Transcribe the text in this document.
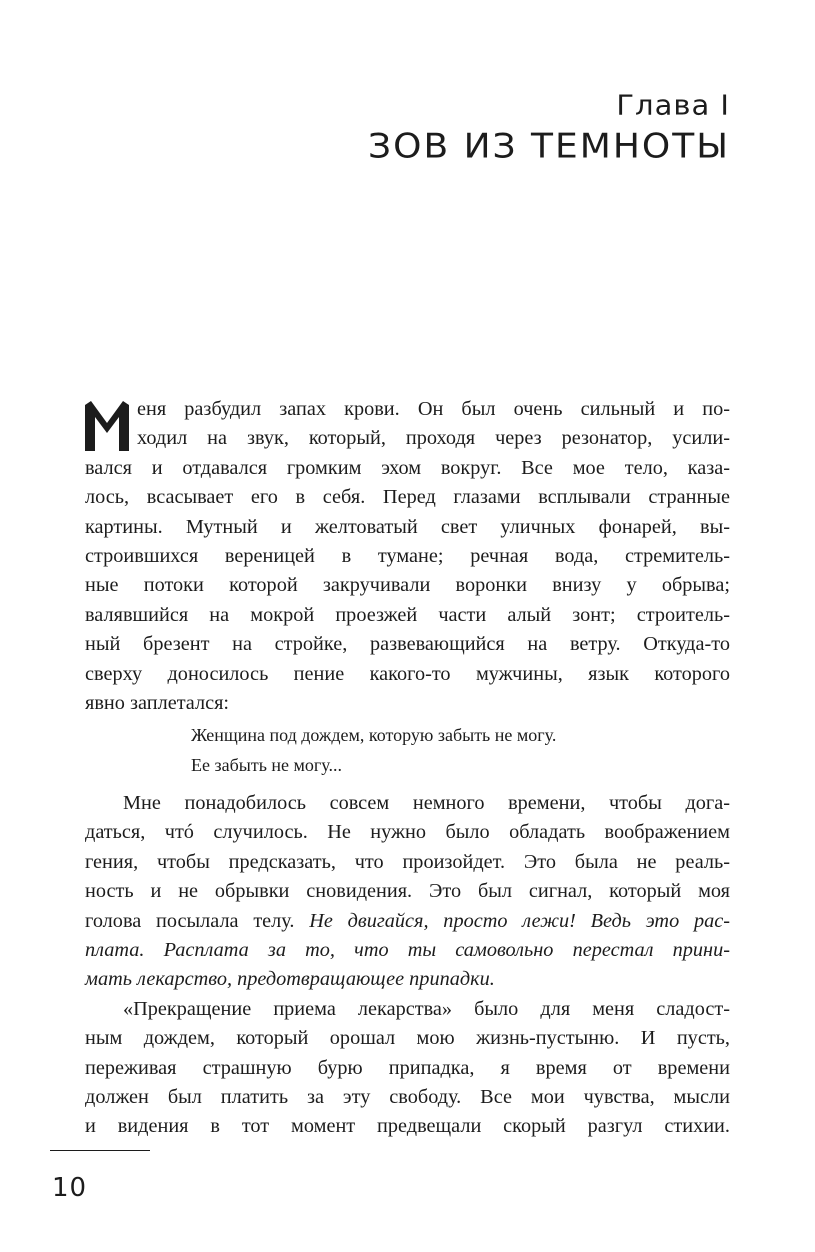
Глава I
ЗОВ ИЗ ТЕМНОТЫ
еня разбудил запах крови. Он был очень сильный и по-
ходил на звук, который, проходя через резонатор, усили-
вался и отдавался громким эхом вокруг. Все мое тело, каза-
лось, всасывает его в себя. Перед глазами всплывали странные
картины. Мутный и желтоватый свет уличных фонарей, вы-
строившихся вереницей в тумане; речная вода, стремитель-
ные потоки которой закручивали воронки внизу у обрыва;
валявшийся на мокрой проезжей части алый зонт; строитель-
ный брезент на стройке, развевающийся на ветру. Откуда-то
сверху доносилось пение какого-то мужчины, язык которого
явно заплетался:
Женщина под дождем, которую забыть не могу.
Ее забыть не могу...
Мне понадобилось совсем немного времени, чтобы дога-
даться, чтó случилось. Не нужно было обладать воображением
гения, чтобы предсказать, что произойдет. Это была не реаль-
ность и не обрывки сновидения. Это был сигнал, который моя
голова посылала телу. Не двигайся, просто лежи! Ведь это рас-
плата. Расплата за то, что ты самовольно перестал прини-
мать лекарство, предотвращающее припадки.
«Прекращение приема лекарства» было для меня сладост-
ным дождем, который орошал мою жизнь-пустыню. И пусть,
переживая страшную бурю припадка, я время от времени
должен был платить за эту свободу. Все мои чувства, мысли
и видения в тот момент предвещали скорый разгул стихии.
10
